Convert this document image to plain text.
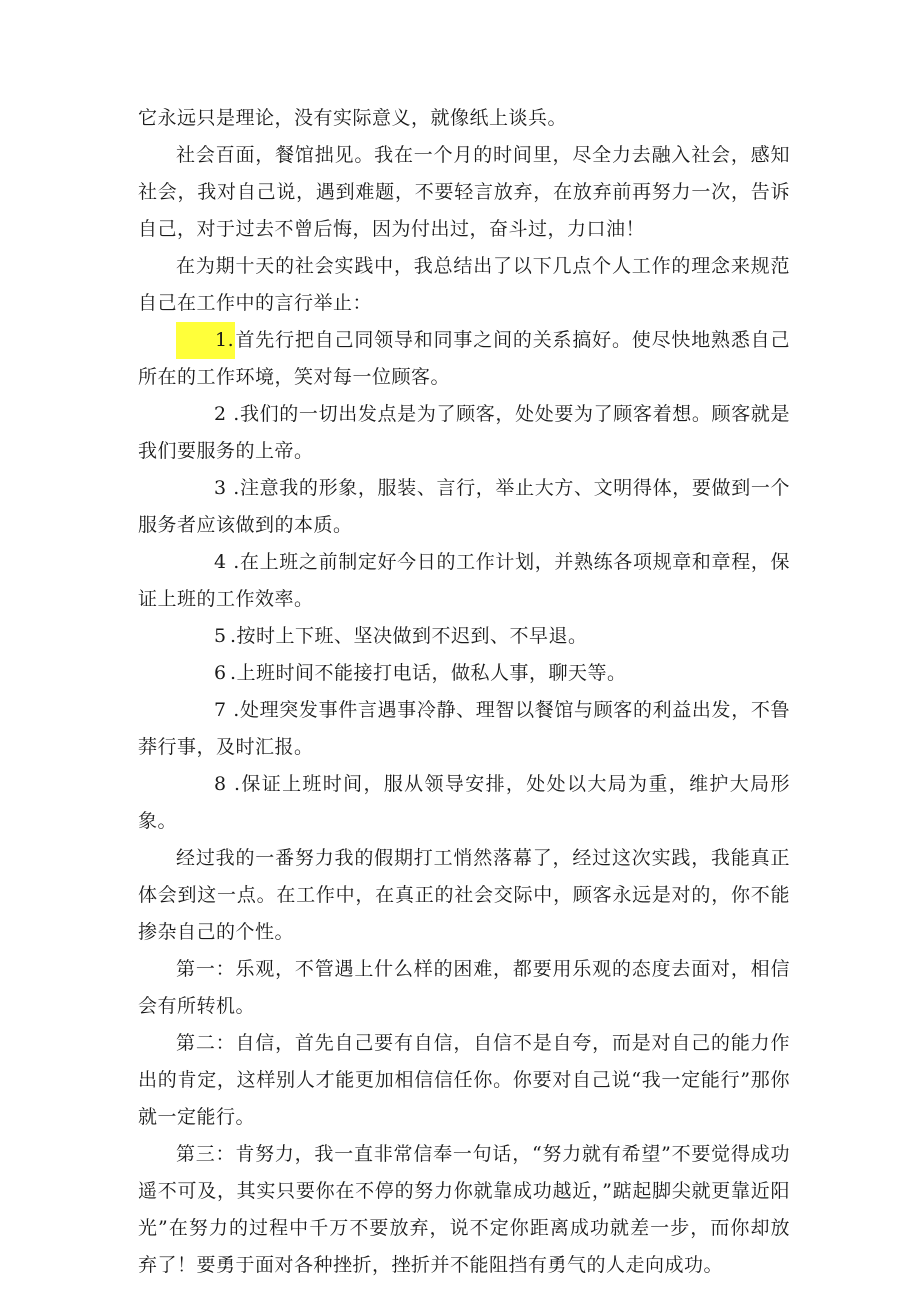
它永远只是理论，没有实际意义，就像纸上谈兵。

社会百面，餐馆拙见。我在一个月的时间里，尽全力去融入社会，感知社会，我对自己说，遇到难题，不要轻言放弃，在放弃前再努力一次，告诉自己，对于过去不曾后悔，因为付出过，奋斗过，力口油！

在为期十天的社会实践中，我总结出了以下几点个人工作的理念来规范自己在工作中的言行举止：

1.首先行把自己同领导和同事之间的关系搞好。使尽快地熟悉自己所在的工作环境，笑对每一位顾客。

2 .我们的一切出发点是为了顾客，处处要为了顾客着想。顾客就是我们要服务的上帝。

3 .注意我的形象，服装、言行，举止大方、文明得体，要做到一个服务者应该做到的本质。

4 .在上班之前制定好今日的工作计划，并熟练各项规章和章程，保证上班的工作效率。

5 .按时上下班、坚决做到不迟到、不早退。

6 .上班时间不能接打电话，做私人事，聊天等。

7 .处理突发事件言遇事冷静、理智以餐馆与顾客的利益出发，不鲁莽行事，及时汇报。

8 .保证上班时间，服从领导安排，处处以大局为重，维护大局形象。

经过我的一番努力我的假期打工悄然落幕了，经过这次实践，我能真正体会到这一点。在工作中，在真正的社会交际中，顾客永远是对的，你不能掺杂自己的个性。

第一：乐观，不管遇上什么样的困难，都要用乐观的态度去面对，相信会有所转机。

第二：自信，首先自己要有自信，自信不是自夸，而是对自己的能力作出的肯定，这样别人才能更加相信信任你。你要对自己说“我一定能行”那你就一定能行。

第三：肯努力，我一直非常信奉一句话，“努力就有希望”不要觉得成功遥不可及，其实只要你在不停的努力你就靠成功越近，”踮起脚尖就更靠近阳光”在努力的过程中千万不要放弃，说不定你距离成功就差一步，而你却放弃了！要勇于面对各种挫折，挫折并不能阻挡有勇气的人走向成功。
